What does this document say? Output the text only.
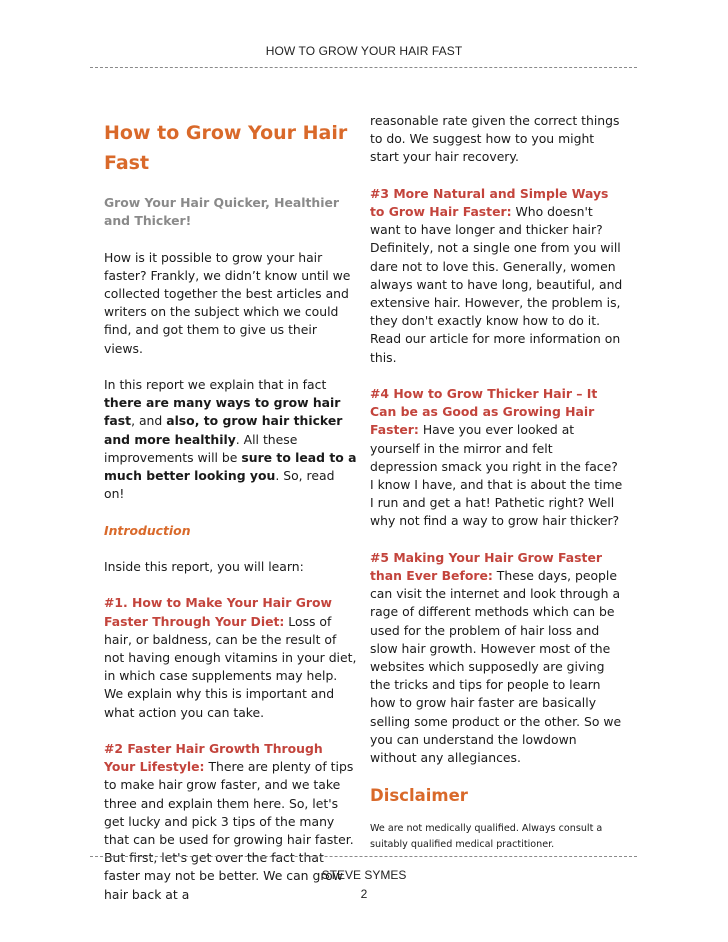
HOW TO GROW YOUR HAIR FAST
How to Grow Your Hair Fast

Grow Your Hair Quicker, Healthier and Thicker!

How is it possible to grow your hair faster? Frankly, we didn’t know until we collected together the best articles and writers on the subject which we could find, and got them to give us their views.

In this report we explain that in fact there are many ways to grow hair fast, and also, to grow hair thicker and more healthily. All these improvements will be sure to lead to a much better looking you. So, read on!

Introduction

Inside this report, you will learn:

#1. How to Make Your Hair Grow Faster Through Your Diet: Loss of hair, or baldness, can be the result of not having enough vitamins in your diet, in which case supplements may help. We explain why this is important and what action you can take.

#2 Faster Hair Growth Through Your Lifestyle: There are plenty of tips to make hair grow faster, and we take three and explain them here. So, let's get lucky and pick 3 tips of the many that can be used for growing hair faster. But first, let's get over the fact that faster may not be better. We can grow hair back at a

reasonable rate given the correct things to do. We suggest how to you might start your hair recovery.

#3 More Natural and Simple Ways to Grow Hair Faster: Who doesn't want to have longer and thicker hair? Definitely, not a single one from you will dare not to love this. Generally, women always want to have long, beautiful, and extensive hair. However, the problem is, they don't exactly know how to do it. Read our article for more information on this.

#4 How to Grow Thicker Hair – It Can be as Good as Growing Hair Faster: Have you ever looked at yourself in the mirror and felt depression smack you right in the face? I know I have, and that is about the time I run and get a hat! Pathetic right? Well why not find a way to grow hair thicker?

#5 Making Your Hair Grow Faster than Ever Before: These days, people can visit the internet and look through a rage of different methods which can be used for the problem of hair loss and slow hair growth. However most of the websites which supposedly are giving the tricks and tips for people to learn how to grow hair faster are basically selling some product or the other. So we you can understand the lowdown without any allegiances.

Disclaimer

We are not medically qualified. Always consult a suitably qualified medical practitioner.

STEVE SYMES
2
